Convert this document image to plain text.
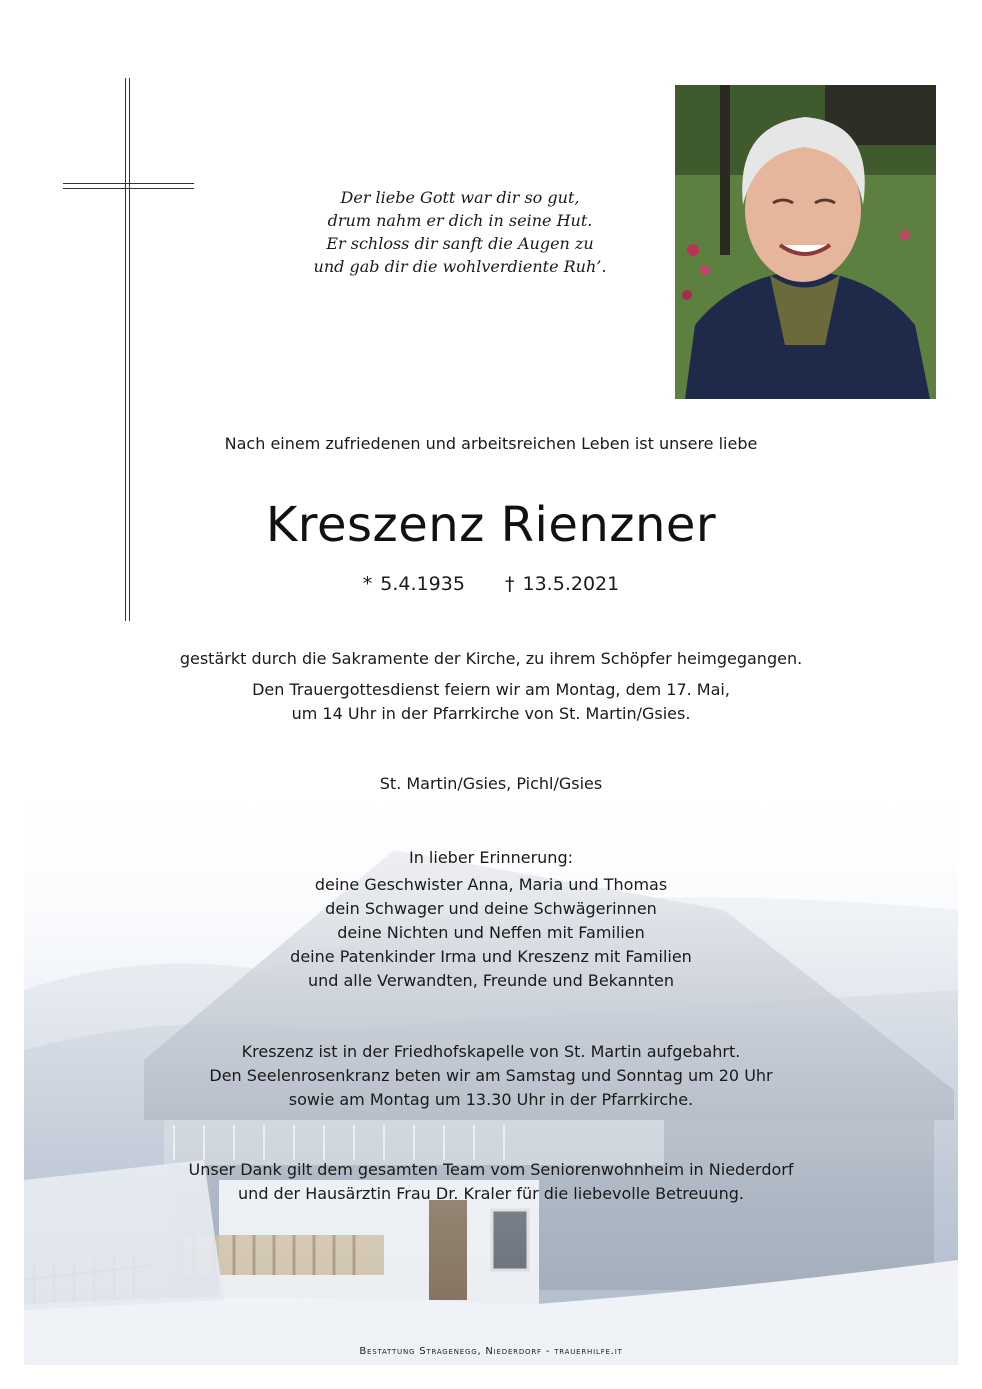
Der liebe Gott war dir so gut,
drum nahm er dich in seine Hut.
Er schloss dir sanft die Augen zu
und gab dir die wohlverdiente Ruh’.
Nach einem zufriedenen und arbeitsreichen Leben ist unsere liebe
Kreszenz Rienzner
* 5.4.1935 † 13.5.2021
gestärkt durch die Sakramente der Kirche, zu ihrem Schöpfer heimgegangen.
Den Trauergottesdienst feiern wir am Montag, dem 17. Mai,
um 14 Uhr in der Pfarrkirche von St. Martin/Gsies.
St. Martin/Gsies, Pichl/Gsies
In lieber Erinnerung:
deine Geschwister Anna, Maria und Thomas
dein Schwager und deine Schwägerinnen
deine Nichten und Neffen mit Familien
deine Patenkinder Irma und Kreszenz mit Familien
und alle Verwandten, Freunde und Bekannten
Kreszenz ist in der Friedhofskapelle von St. Martin aufgebahrt.
Den Seelenrosenkranz beten wir am Samstag und Sonntag um 20 Uhr
sowie am Montag um 13.30 Uhr in der Pfarrkirche.
Unser Dank gilt dem gesamten Team vom Seniorenwohnheim in Niederdorf
und der Hausärztin Frau Dr. Kraler für die liebevolle Betreuung.
Bestattung Stragenegg, Niederdorf - trauerhilfe.it
